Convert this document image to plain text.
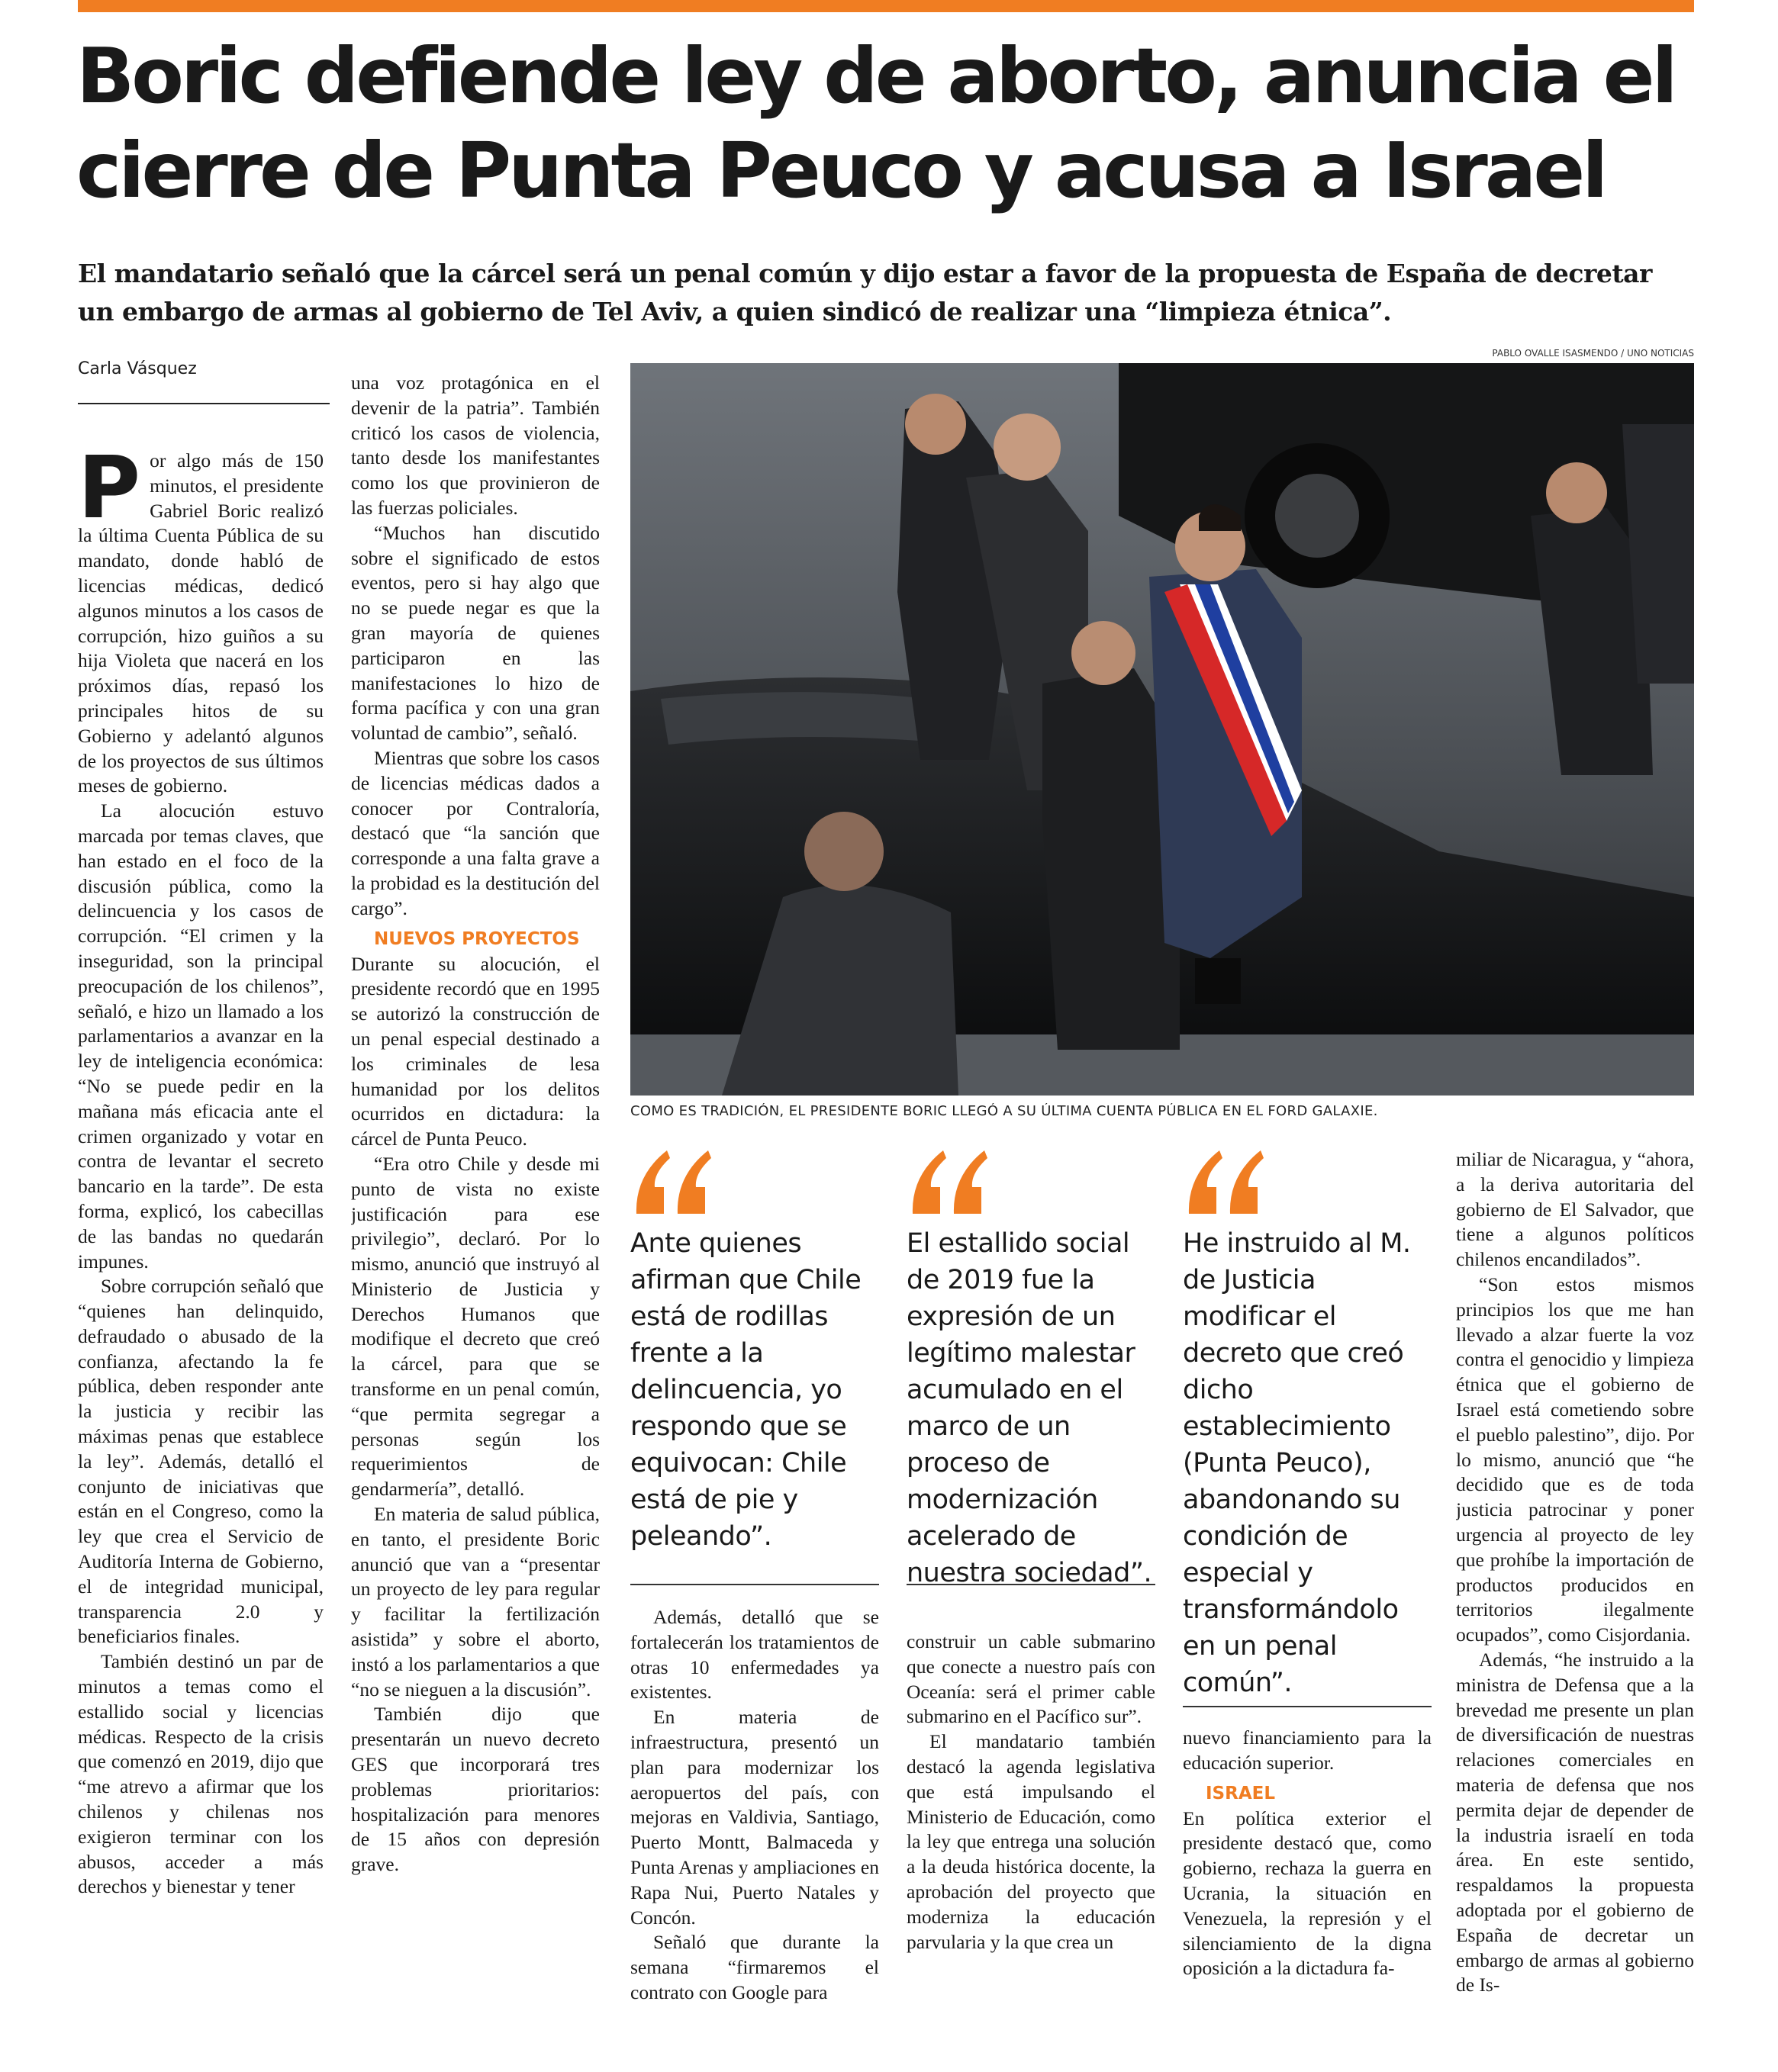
Boric defiende ley de aborto, anuncia el cierre de Punta Peuco y acusa a Israel

El mandatario señaló que la cárcel será un penal común y dijo estar a favor de la propuesta de España de decretar un embargo de armas al gobierno de Tel Aviv, a quien sindicó de realizar una “limpieza étnica”.

Carla Vásquez
PABLO OVALLE ISASMENDO / UNO NOTICIAS

Por algo más de 150 minutos, el presidente Gabriel Boric realizó la última Cuenta Pública de su mandato, donde habló de licencias médicas, dedicó algunos minutos a los casos de corrupción, hizo guiños a su hija Violeta que nacerá en los próximos días, repasó los principales hitos de su Gobierno y adelantó algunos de los proyectos de sus últimos meses de gobierno.

La alocución estuvo marcada por temas claves, que han estado en el foco de la discusión pública, como la delincuencia y los casos de corrupción. “El crimen y la inseguridad, son la principal preocupación de los chilenos”, señaló, e hizo un llamado a los parlamentarios a avanzar en la ley de inteligencia económica: “No se puede pedir en la mañana más eficacia ante el crimen organizado y votar en contra de levantar el secreto bancario en la tarde”. De esta forma, explicó, los cabecillas de las bandas no quedarán impunes.

Sobre corrupción señaló que “quienes han delinquido, defraudado o abusado de la confianza, afectando la fe pública, deben responder ante la justicia y recibir las máximas penas que establece la ley”. Además, detalló el conjunto de iniciativas que están en el Congreso, como la ley que crea el Servicio de Auditoría Interna de Gobierno, el de integridad municipal, transparencia 2.0 y beneficiarios finales.

También destinó un par de minutos a temas como el estallido social y licencias médicas. Respecto de la crisis que comenzó en 2019, dijo que “me atrevo a afirmar que los chilenos y chilenas nos exigieron terminar con los abusos, acceder a más derechos y bienestar y tener

una voz protagónica en el devenir de la patria”. También criticó los casos de violencia, tanto desde los manifestantes como los que provinieron de las fuerzas policiales.

“Muchos han discutido sobre el significado de estos eventos, pero si hay algo que no se puede negar es que la gran mayoría de quienes participaron en las manifestaciones lo hizo de forma pacífica y con una gran voluntad de cambio”, señaló.

Mientras que sobre los casos de licencias médicas dados a conocer por Contraloría, destacó que “la sanción que corresponde a una falta grave a la probidad es la destitución del cargo”.

NUEVOS PROYECTOS

Durante su alocución, el presidente recordó que en 1995 se autorizó la construcción de un penal especial destinado a los criminales de lesa humanidad por los delitos ocurridos en dictadura: la cárcel de Punta Peuco.

“Era otro Chile y desde mi punto de vista no existe justificación para ese privilegio”, declaró. Por lo mismo, anunció que instruyó al Ministerio de Justicia y Derechos Humanos que modifique el decreto que creó la cárcel, para que se transforme en un penal común, “que permita segregar a personas según los requerimientos de gendarmería”, detalló.

En materia de salud pública, en tanto, el presidente Boric anunció que van a “presentar un proyecto de ley para regular y facilitar la fertilización asistida” y sobre el aborto, instó a los parlamentarios a que “no se nieguen a la discusión”.

También dijo que presentarán un nuevo decreto GES que incorporará tres problemas prioritarios: hospitalización para menores de 15 años con depresión grave.

COMO ES TRADICIÓN, EL PRESIDENTE BORIC LLEGÓ A SU ÚLTIMA CUENTA PÚBLICA EN EL FORD GALAXIE.

Ante quienes afirman que Chile está de rodillas frente a la delincuencia, yo respondo que se equivocan: Chile está de pie y peleando”.

El estallido social de 2019 fue la expresión de un legítimo malestar acumulado en el marco de un proceso de modernización acelerado de nuestra sociedad”.

He instruido al M. de Justicia modificar el decreto que creó dicho establecimiento (Punta Peuco), abandonando su condición de especial y transformándolo en un penal común”.

Además, detalló que se fortalecerán los tratamientos de otras 10 enfermedades ya existentes.

En materia de infraestructura, presentó un plan para modernizar los aeropuertos del país, con mejoras en Valdivia, Santiago, Puerto Montt, Balmaceda y Punta Arenas y ampliaciones en Rapa Nui, Puerto Natales y Concón.

Señaló que durante la semana “firmaremos el contrato con Google para

construir un cable submarino que conecte a nuestro país con Oceanía: será el primer cable submarino en el Pacífico sur”.

El mandatario también destacó la agenda legislativa que está impulsando el Ministerio de Educación, como la ley que entrega una solución a la deuda histórica docente, la aprobación del proyecto que moderniza la educación parvularia y la que crea un

nuevo financiamiento para la educación superior.

ISRAEL

En política exterior el presidente destacó que, como gobierno, rechaza la guerra en Ucrania, la situación en Venezuela, la represión y el silenciamiento de la digna oposición a la dictadura fa-

miliar de Nicaragua, y “ahora, a la deriva autoritaria del gobierno de El Salvador, que tiene a algunos políticos chilenos encandilados”.

“Son estos mismos principios los que me han llevado a alzar fuerte la voz contra el genocidio y limpieza étnica que el gobierno de Israel está cometiendo sobre el pueblo palestino”, dijo. Por lo mismo, anunció que “he decidido que es de toda justicia patrocinar y poner urgencia al proyecto de ley que prohíbe la importación de productos producidos en territorios ilegalmente ocupados”, como Cisjordania.

Además, “he instruido a la ministra de Defensa que a la brevedad me presente un plan de diversificación de nuestras relaciones comerciales en materia de defensa que nos permita dejar de depender de la industria israelí en toda área. En este sentido, respaldamos la propuesta adoptada por el gobierno de España de decretar un embargo de armas al gobierno de Is-
